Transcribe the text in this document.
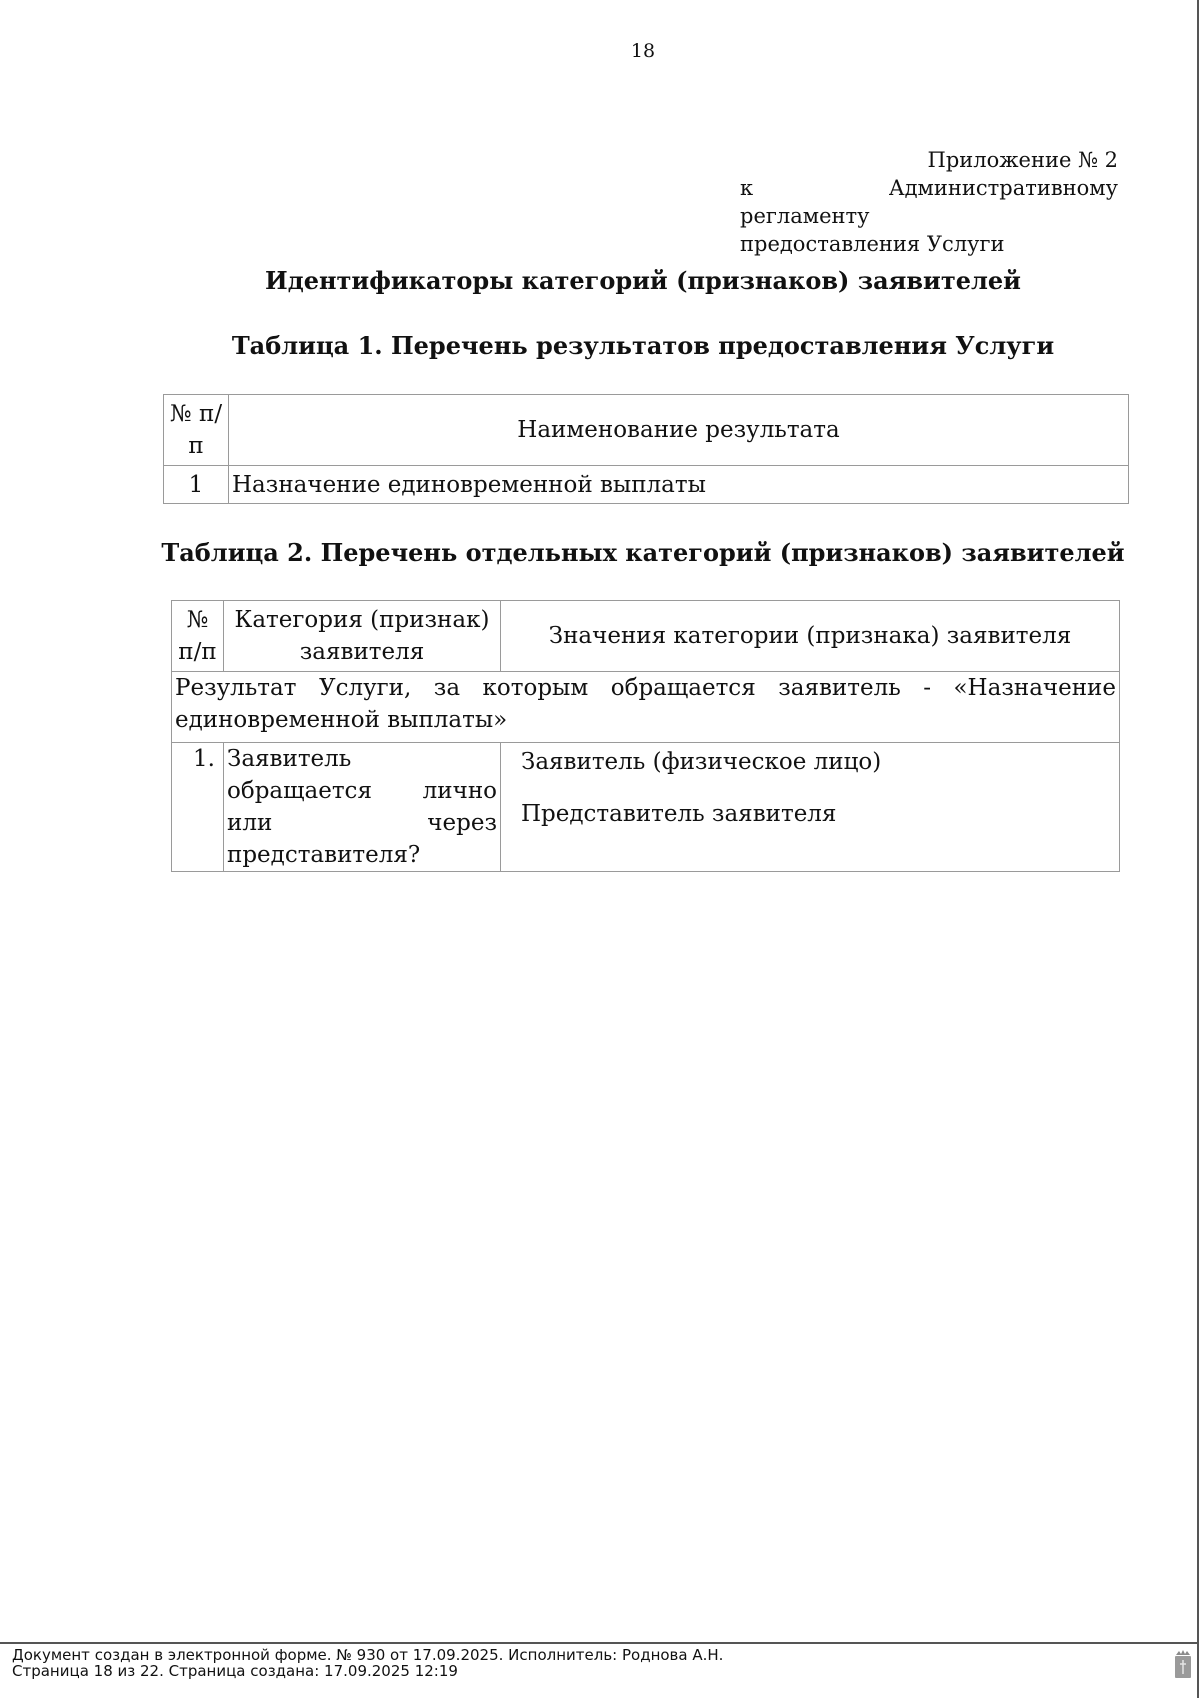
18
Приложение № 2
к Административному регламенту
предоставления Услуги
Идентификаторы категорий (признаков) заявителей
Таблица 1. Перечень результатов предоставления Услуги
№ п/п	Наименование результата
1	Назначение единовременной выплаты
Таблица 2. Перечень отдельных категорий (признаков) заявителей
№ п/п	Категория (признак) заявителя	Значения категории (признака) заявителя
Результат Услуги, за которым обращается заявитель - «Назначение единовременной выплаты»		
1.	Заявитель обращается лично или через представителя?	Заявитель (физическое лицо)
Представитель заявителя
Документ создан в электронной форме. № 930 от 17.09.2025. Исполнитель: Роднова А.Н.
Страница 18 из 22. Страница создана: 17.09.2025 12:19
